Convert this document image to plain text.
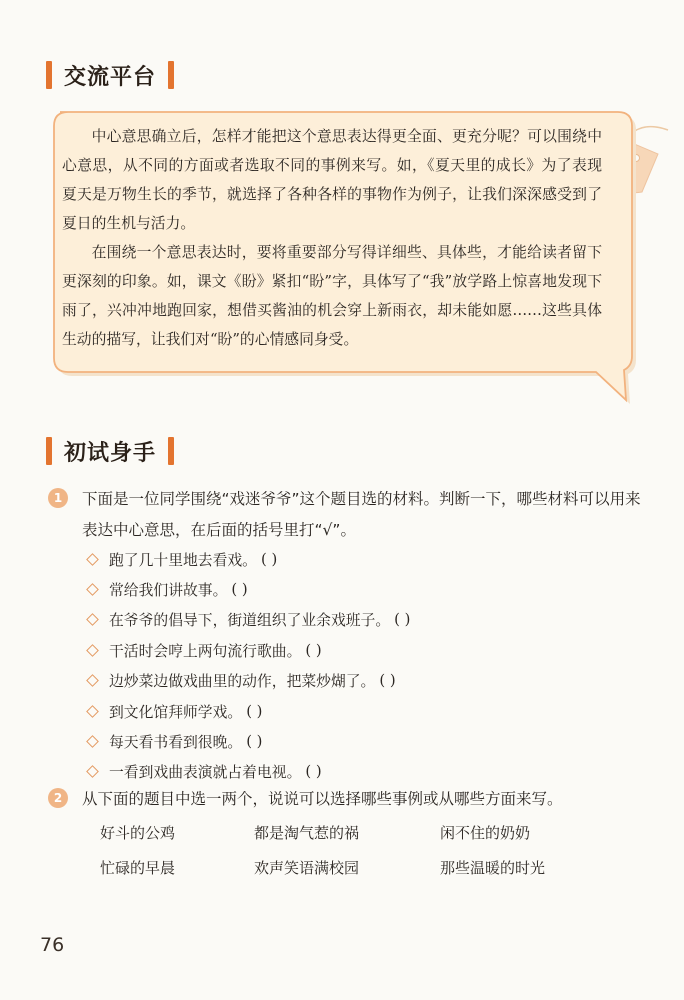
交流平台

中心意思确立后，怎样才能把这个意思表达得更全面、更充分呢？可以围绕中心意思，从不同的方面或者选取不同的事例来写。如，《夏天里的成长》为了表现夏天是万物生长的季节，就选择了各种各样的事物作为例子，让我们深深感受到了夏日的生机与活力。

在围绕一个意思表达时，要将重要部分写得详细些、具体些，才能给读者留下更深刻的印象。如，课文《盼》紧扣“盼”字，具体写了“我”放学路上惊喜地发现下雨了，兴冲冲地跑回家，想借买酱油的机会穿上新雨衣，却未能如愿……这些具体生动的描写，让我们对“盼”的心情感同身受。

初试身手
1	下面是一位同学围绕“戏迷爷爷”这个题目选的材料。判断一下，哪些材料可以用来表达中心意思，在后面的括号里打“√”。
跑了几十里地去看戏。 ( )
常给我们讲故事。 ( )
在爷爷的倡导下，街道组织了业余戏班子。 ( )
干活时会哼上两句流行歌曲。 ( )
边炒菜边做戏曲里的动作，把菜炒煳了。 ( )
到文化馆拜师学戏。 ( )
每天看书看到很晚。 ( )
一看到戏曲表演就占着电视。 ( )
2	从下面的题目中选一两个，说说可以选择哪些事例或从哪些方面来写。
好斗的公鸡	都是淘气惹的祸	闲不住的奶奶
忙碌的早晨	欢声笑语满校园	那些温暖的时光
76
